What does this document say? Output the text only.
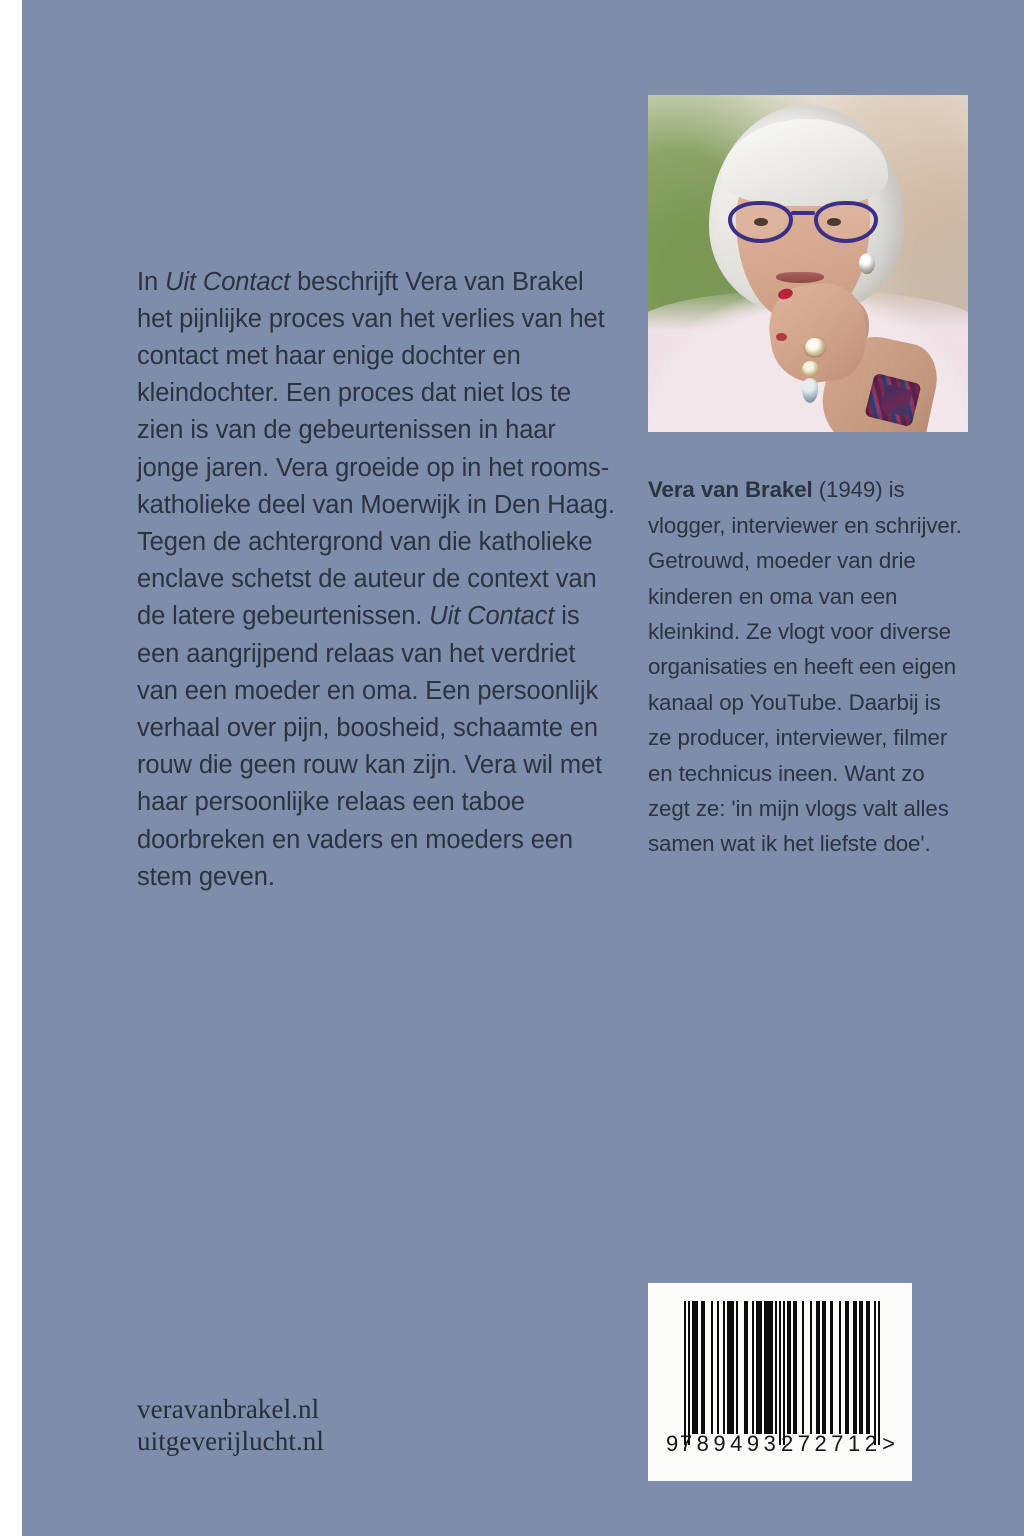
In Uit Contact beschrijft Vera van Brakel het pijnlijke proces van het verlies van het contact met haar enige dochter en kleindochter. Een proces dat niet los te zien is van de gebeurtenissen in haar jonge jaren. Vera groeide op in het rooms-katholieke deel van Moerwijk in Den Haag. Tegen de achtergrond van die katholieke enclave schetst de auteur de context van de latere gebeurtenissen. Uit Contact is een aangrijpend relaas van het verdriet van een moeder en oma. Een persoonlijk verhaal over pijn, boosheid, schaamte en rouw die geen rouw kan zijn. Vera wil met haar persoonlijke relaas een taboe doorbreken en vaders en moeders een stem geven.

Vera van Brakel (1949) is vlogger, interviewer en schrijver. Getrouwd, moeder van drie kinderen en oma van een kleinkind. Ze vlogt voor diverse organisaties en heeft een eigen kanaal op YouTube. Daarbij is ze producer, interviewer, filmer en technicus ineen. Want zo zegt ze: 'in mijn vlogs valt alles samen wat ik het liefste doe'.

9 789493 272712 >
veravanbrakel.nl
uitgeverijlucht.nl
